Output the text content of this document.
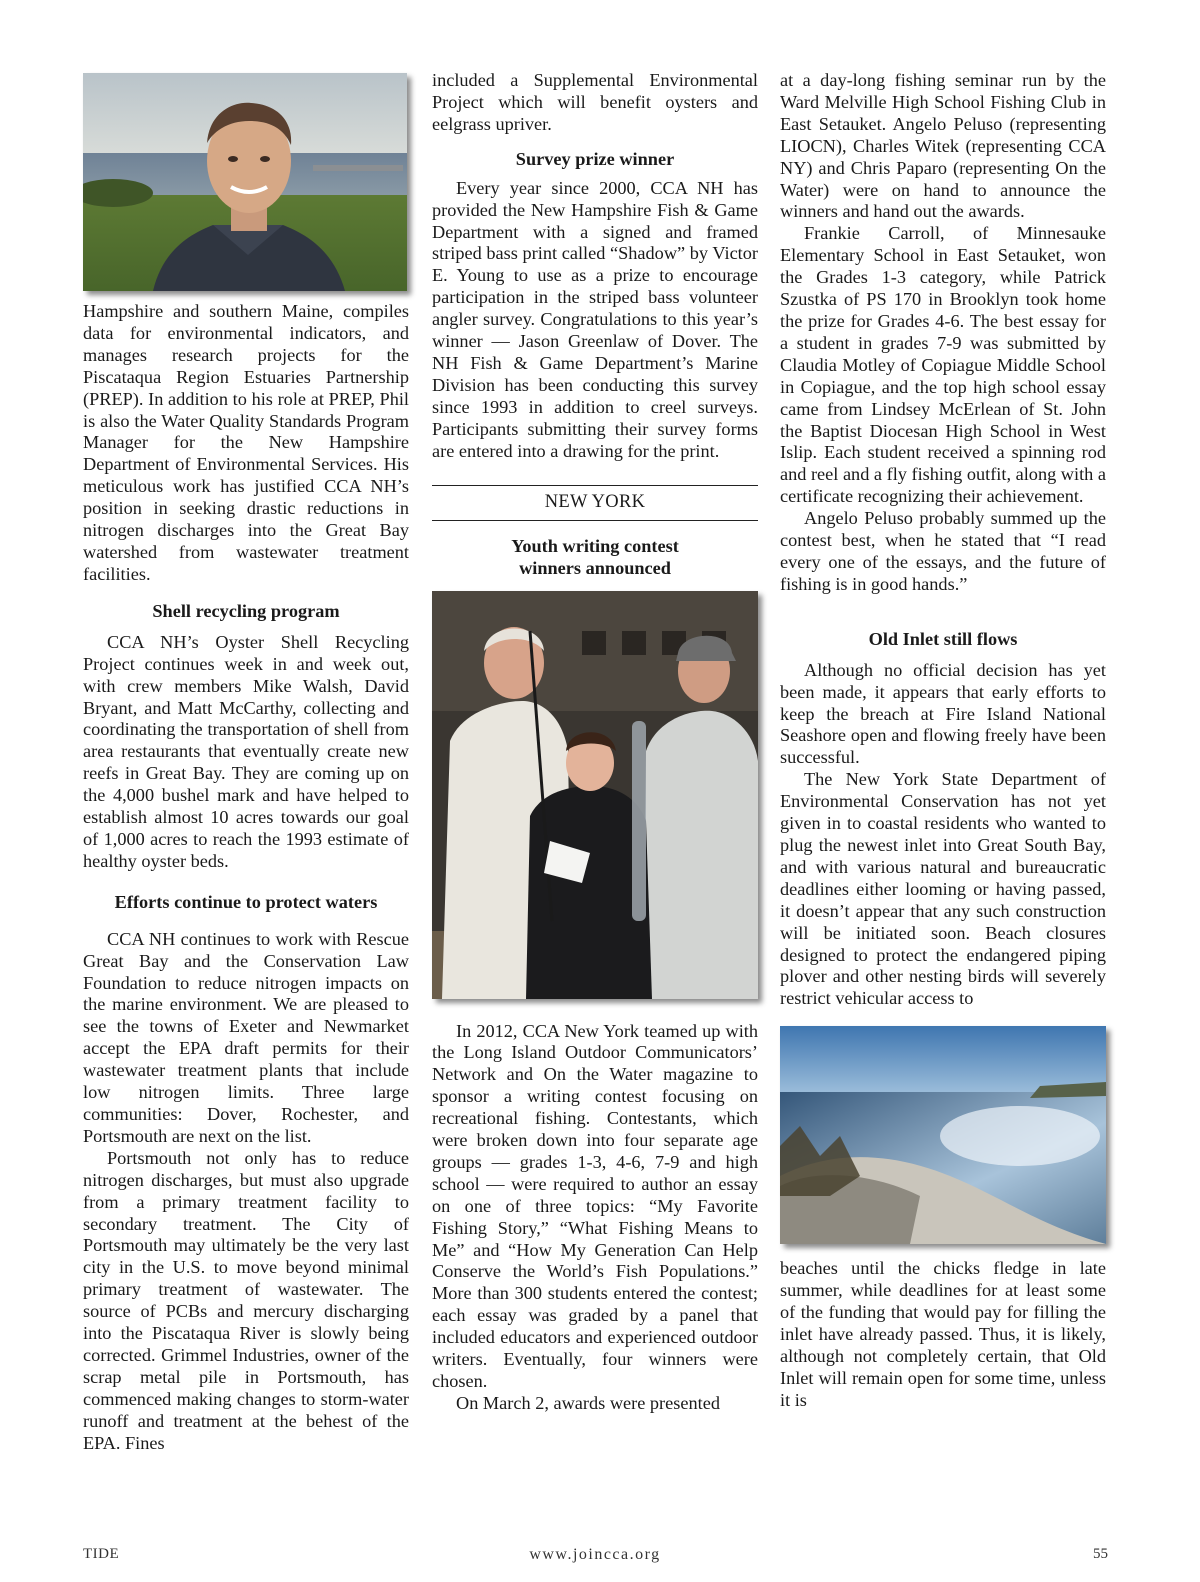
Hampshire and southern Maine, compiles data for environmental indicators, and manages research projects for the Piscataqua Region Estuaries Partnership (PREP). In addition to his role at PREP, Phil is also the Water Quality Standards Program Manager for the New Hampshire Department of Environmental Services. His meticulous work has justified CCA NH’s position in seeking drastic reductions in nitrogen discharges into the Great Bay watershed from wastewater treatment facilities.

Shell recycling program

CCA NH’s Oyster Shell Recycling Project continues week in and week out, with crew members Mike Walsh, David Bryant, and Matt McCarthy, collecting and coordinating the transportation of shell from area restaurants that eventually create new reefs in Great Bay. They are coming up on the 4,000 bushel mark and have helped to establish almost 10 acres towards our goal of 1,000 acres to reach the 1993 estimate of healthy oyster beds.

Efforts continue to protect waters

CCA NH continues to work with Rescue Great Bay and the Conservation Law Foundation to reduce nitrogen impacts on the marine environment. We are pleased to see the towns of Exeter and Newmarket accept the EPA draft permits for their wastewater treatment plants that include low nitrogen limits. Three large communities: Dover, Rochester, and Portsmouth are next on the list.

Portsmouth not only has to reduce nitrogen discharges, but must also upgrade from a primary treatment facility to secondary treatment. The City of Portsmouth may ultimately be the very last city in the U.S. to move beyond minimal primary treatment of wastewater. The source of PCBs and mercury discharging into the Piscataqua River is slowly being corrected. Grimmel Industries, owner of the scrap metal pile in Portsmouth, has commenced making changes to storm-water runoff and treatment at the behest of the EPA. Fines

included a Supplemental Environmental Project which will benefit oysters and eelgrass upriver.

Survey prize winner

Every year since 2000, CCA NH has provided the New Hampshire Fish & Game Department with a signed and framed striped bass print called “Shadow” by Victor E. Young to use as a prize to encourage participation in the striped bass volunteer angler survey. Congratulations to this year’s winner — Jason Greenlaw of Dover. The NH Fish & Game Department’s Marine Division has been conducting this survey since 1993 in addition to creel surveys. Participants submitting their survey forms are entered into a drawing for the print.

NEW YORK
Youth writing contest
winners announced

In 2012, CCA New York teamed up with the Long Island Outdoor Communicators’ Network and On the Water magazine to sponsor a writing contest focusing on recreational fishing. Contestants, which were broken down into four separate age groups — grades 1-3, 4-6, 7-9 and high school — were required to author an essay on one of three topics: “My Favorite Fishing Story,” “What Fishing Means to Me” and “How My Generation Can Help Conserve the World’s Fish Populations.” More than 300 students entered the contest; each essay was graded by a panel that included educators and experienced outdoor writers. Eventually, four winners were chosen.

On March 2, awards were presented

at a day-long fishing seminar run by the Ward Melville High School Fishing Club in East Setauket. Angelo Peluso (representing LIOCN), Charles Witek (representing CCA NY) and Chris Paparo (representing On the Water) were on hand to announce the winners and hand out the awards.

Frankie Carroll, of Minnesauke Elementary School in East Setauket, won the Grades 1-3 category, while Patrick Szustka of PS 170 in Brooklyn took home the prize for Grades 4-6. The best essay for a student in grades 7-9 was submitted by Claudia Motley of Copiague Middle School in Copiague, and the top high school essay came from Lindsey McErlean of St. John the Baptist Diocesan High School in West Islip. Each student received a spinning rod and reel and a fly fishing outfit, along with a certificate recognizing their achievement.

Angelo Peluso probably summed up the contest best, when he stated that “I read every one of the essays, and the future of fishing is in good hands.”

Old Inlet still flows

Although no official decision has yet been made, it appears that early efforts to keep the breach at Fire Island National Seashore open and flowing freely have been successful.

The New York State Department of Environmental Conservation has not yet given in to coastal residents who wanted to plug the newest inlet into Great South Bay, and with various natural and bureaucratic deadlines either looming or having passed, it doesn’t appear that any such construction will be initiated soon. Beach closures designed to protect the endangered piping plover and other nesting birds will severely restrict vehicular access to

beaches until the chicks fledge in late summer, while deadlines for at least some of the funding that would pay for filling the inlet have already passed. Thus, it is likely, although not completely certain, that Old Inlet will remain open for some time, unless it is

TIDE	www.joincca.org	55
